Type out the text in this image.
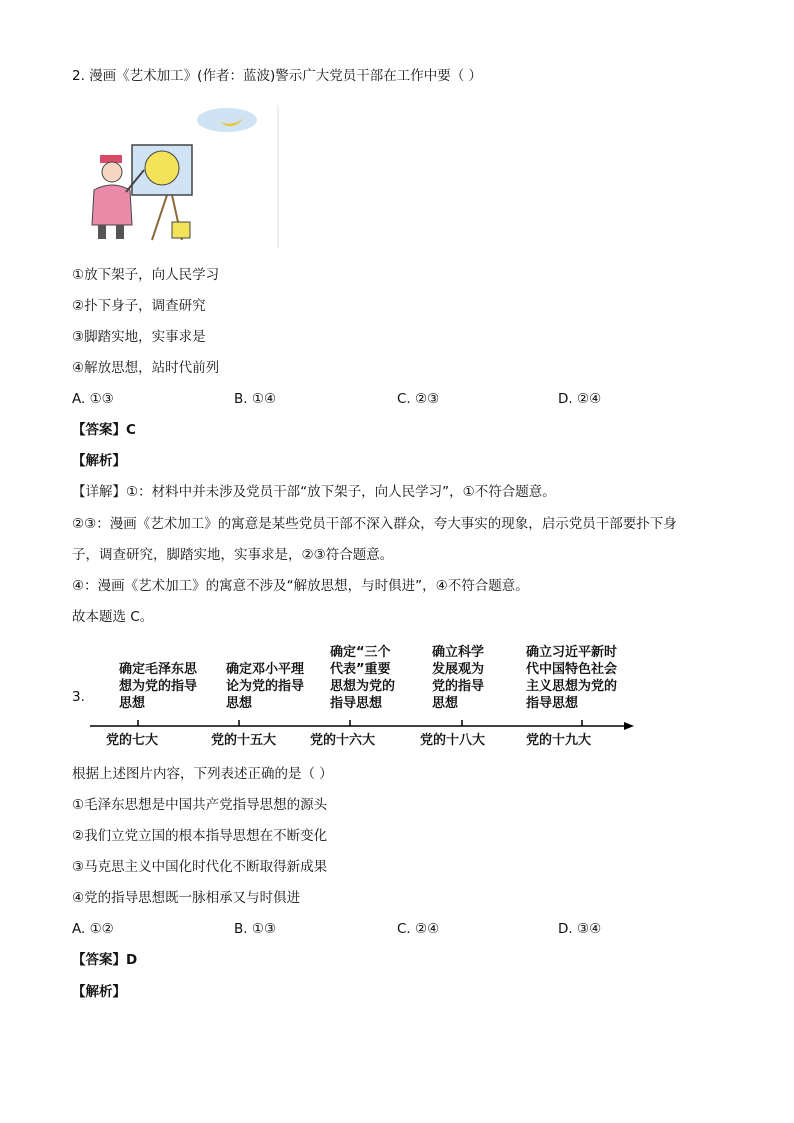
2. 漫画《艺术加工》(作者：蓝波)警示广大党员干部在工作中要（ ）
①放下架子，向人民学习
②扑下身子，调查研究
③脚踏实地，实事求是
④解放思想，站时代前列
A. ①③	B. ①④	C. ②③	D. ②④
【答案】C
【解析】
【详解】①：材料中并未涉及党员干部“放下架子，向人民学习”，①不符合题意。
②③：漫画《艺术加工》的寓意是某些党员干部不深入群众，夸大事实的现象，启示党员干部要扑下身
子，调查研究，脚踏实地，实事求是，②③符合题意。
④：漫画《艺术加工》的寓意不涉及“解放思想，与时俱进”，④不符合题意。
故本题选 C。
3.
确定毛泽东思
想为党的指导
思想
确定邓小平理
论为党的指导
思想
确定“三个
代表”重要
思想为党的
指导思想
确立科学
发展观为
党的指导
思想
确立习近平新时
代中国特色社会
主义思想为党的
指导思想
党的七大	党的十五大	党的十六大	党的十八大	党的十九大
根据上述图片内容，下列表述正确的是（ ）
①毛泽东思想是中国共产党指导思想的源头
②我们立党立国的根本指导思想在不断变化
③马克思主义中国化时代化不断取得新成果
④党的指导思想既一脉相承又与时俱进
A. ①②	B. ①③	C. ②④	D. ③④
【答案】D
【解析】
